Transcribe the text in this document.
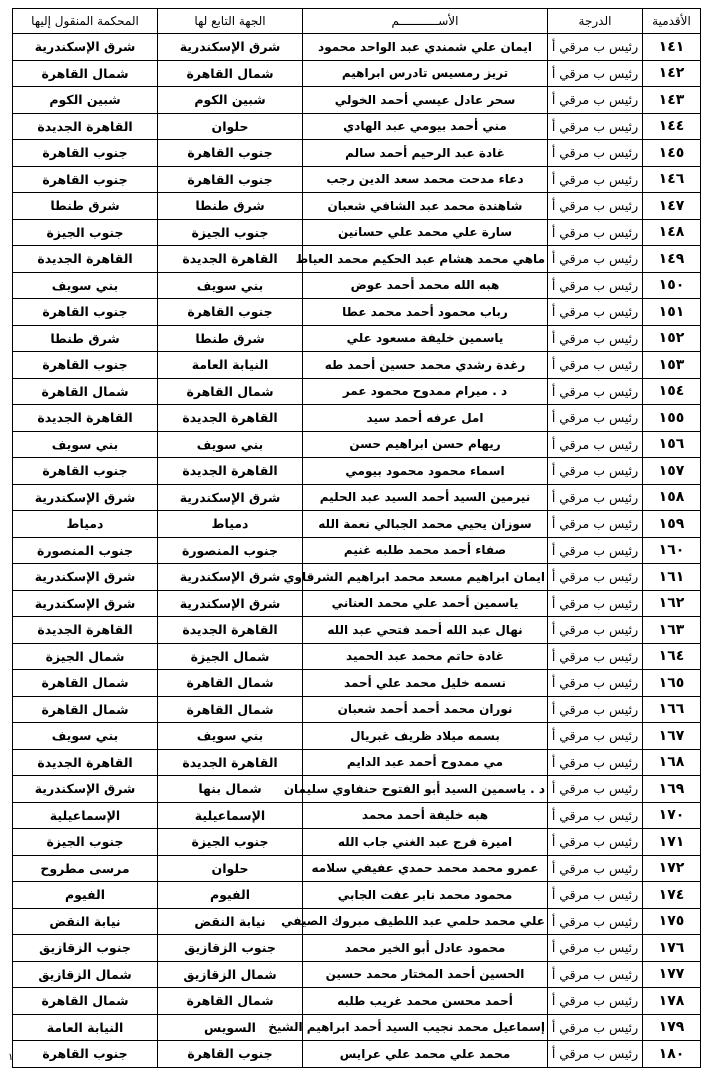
الأقدمية	الدرجة	الأســـــــــــم	الجهة التابع لها	المحكمة المنقول إليها
١٤١	رئيس ب مرقي أ	ايمان علي شمندي عبد الواحد محمود	شرق الإسكندرية	شرق الإسكندرية
١٤٢	رئيس ب مرقي أ	تريز رمسيس تادرس ابراهيم	شمال القاهرة	شمال القاهرة
١٤٣	رئيس ب مرقي أ	سحر عادل عيسي أحمد الخولي	شبين الكوم	شبين الكوم
١٤٤	رئيس ب مرقي أ	مني أحمد بيومي عبد الهادي	حلوان	القاهرة الجديدة
١٤٥	رئيس ب مرقي أ	غادة عبد الرحيم أحمد سالم	جنوب القاهرة	جنوب القاهرة
١٤٦	رئيس ب مرقي أ	دعاء مدحت محمد سعد الدين رجب	جنوب القاهرة	جنوب القاهرة
١٤٧	رئيس ب مرقي أ	شاهندة محمد عبد الشافي شعبان	شرق طنطا	شرق طنطا
١٤٨	رئيس ب مرقي أ	سارة علي محمد علي حسانين	جنوب الجيزة	جنوب الجيزة
١٤٩	رئيس ب مرقي أ	ماهي محمد هشام عبد الحكيم محمد العياط	القاهرة الجديدة	القاهرة الجديدة
١٥٠	رئيس ب مرقي أ	هبه الله محمد أحمد عوض	بني سويف	بني سويف
١٥١	رئيس ب مرقي أ	رباب محمود أحمد محمد عطا	جنوب القاهرة	جنوب القاهرة
١٥٢	رئيس ب مرقي أ	ياسمين خليفة مسعود علي	شرق طنطا	شرق طنطا
١٥٣	رئيس ب مرقي أ	رغدة رشدي محمد حسين أحمد طه	النيابة العامة	جنوب القاهرة
١٥٤	رئيس ب مرقي أ	د . ميرام ممدوح محمود عمر	شمال القاهرة	شمال القاهرة
١٥٥	رئيس ب مرقي أ	امل عرفه أحمد سيد	القاهرة الجديدة	القاهرة الجديدة
١٥٦	رئيس ب مرقي أ	ريهام حسن ابراهيم حسن	بني سويف	بني سويف
١٥٧	رئيس ب مرقي أ	اسماء محمود محمود بيومي	القاهرة الجديدة	جنوب القاهرة
١٥٨	رئيس ب مرقي أ	نيرمين السيد أحمد السيد عبد الحليم	شرق الإسكندرية	شرق الإسكندرية
١٥٩	رئيس ب مرقي أ	سوزان يحيي محمد الجبالي نعمة الله	دمياط	دمياط
١٦٠	رئيس ب مرقي أ	صفاء أحمد محمد طلبه غنيم	جنوب المنصورة	جنوب المنصورة
١٦١	رئيس ب مرقي أ	ايمان ابراهيم مسعد محمد ابراهيم الشرقاوي	شرق الإسكندرية	شرق الإسكندرية
١٦٢	رئيس ب مرقي أ	ياسمين أحمد علي محمد العناني	شرق الإسكندرية	شرق الإسكندرية
١٦٣	رئيس ب مرقي أ	نهال عبد الله أحمد فتحي عبد الله	القاهرة الجديدة	القاهرة الجديدة
١٦٤	رئيس ب مرقي أ	غادة حاتم محمد عبد الحميد	شمال الجيزة	شمال الجيزة
١٦٥	رئيس ب مرقي أ	نسمه خليل محمد علي أحمد	شمال القاهرة	شمال القاهرة
١٦٦	رئيس ب مرقي أ	نوران محمد أحمد أحمد شعبان	شمال القاهرة	شمال القاهرة
١٦٧	رئيس ب مرقي أ	بسمه ميلاد ظريف غبريال	بني سويف	بني سويف
١٦٨	رئيس ب مرقي أ	مي ممدوح أحمد عبد الدايم	القاهرة الجديدة	القاهرة الجديدة
١٦٩	رئيس ب مرقي أ	د . ياسمين السيد أبو الفتوح حنفاوي سليمان	شمال بنها	شرق الإسكندرية
١٧٠	رئيس ب مرقي أ	هبه خليفة أحمد محمد	الإسماعيلية	الإسماعيلية
١٧١	رئيس ب مرقي أ	اميرة فرج عبد الغني جاب الله	جنوب الجيزة	جنوب الجيزة
١٧٢	رئيس ب مرقي أ	عمرو محمد محمد حمدي عفيفي سلامه	حلوان	مرسى مطروح
١٧٤	رئيس ب مرقي أ	محمود محمد نابر عفت الجابي	الفيوم	الفيوم
١٧٥	رئيس ب مرقي أ	علي محمد حلمي عبد اللطيف مبروك الصيفي	نيابة النقض	نيابة النقض
١٧٦	رئيس ب مرقي أ	محمود عادل أبو الخير محمد	جنوب الزقازيق	جنوب الزقازيق
١٧٧	رئيس ب مرقي أ	الحسين أحمد المختار محمد حسين	شمال الزقازيق	شمال الزقازيق
١٧٨	رئيس ب مرقي أ	أحمد محسن محمد غريب طلبه	شمال القاهرة	شمال القاهرة
١٧٩	رئيس ب مرقي أ	إسماعيل محمد نجيب السيد أحمد ابراهيم الشيخ	السويس	النيابة العامة
١٨٠	رئيس ب مرقي أ	محمد علي محمد علي عرايس	جنوب القاهرة	جنوب القاهرة
١
